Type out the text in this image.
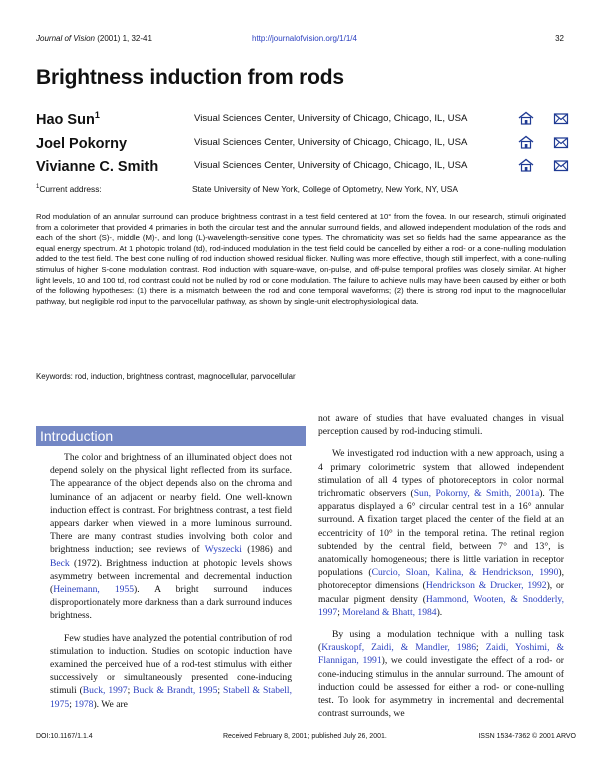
Journal of Vision (2001) 1, 32-41	http://journalofvision.org/1/1/4	32
Brightness induction from rods
Hao Sun$^1$	Visual Sciences Center, University of Chicago, Chicago, IL, USA
Joel Pokorny	Visual Sciences Center, University of Chicago, Chicago, IL, USA
Vivianne C. Smith	Visual Sciences Center, University of Chicago, Chicago, IL, USA
$^1$Current address:	State University of New York, College of Optometry, New York, NY, USA

Rod modulation of an annular surround can produce brightness contrast in a test field centered at 10° from the fovea. In our research, stimuli originated from a colorimeter that provided 4 primaries in both the circular test and the annular surround fields, and allowed independent modulation of the rods and each of the short (S)-, middle (M)-, and long (L)-wavelength-sensitive cone types. The chromaticity was set so fields had the same appearance as the equal energy spectrum. At 1 photopic troland (td), rod-induced modulation in the test field could be cancelled by either a rod- or a cone-nulling modulation added to the test field. The best cone nulling of rod induction showed residual flicker. Nulling was more effective, though still imperfect, with a cone-nulling stimulus of higher S-cone modulation contrast. Rod induction with square-wave, on-pulse, and off-pulse temporal profiles was closely similar. At higher light levels, 10 and 100 td, rod contrast could not be nulled by rod or cone modulation. The failure to achieve nulls may have been caused by either or both of the following hypotheses: (1) there is a mismatch between the rod and cone temporal waveforms; (2) there is strong rod input to the magnocellular pathway, but negligible rod input to the parvocellular pathway, as shown by single-unit electrophysiological data.

Keywords: rod, induction, brightness contrast, magnocellular, parvocellular
Introduction

The color and brightness of an illuminated object does not depend solely on the physical light reflected from its surface. The appearance of the object depends also on the chroma and luminance of an adjacent or nearby field. One well-known induction effect is contrast. For brightness contrast, a test field appears darker when viewed in a more luminous surround. There are many contrast studies involving both color and brightness induction; see reviews of Wyszecki (1986) and Beck (1972). Brightness induction at photopic levels shows asymmetry between incremental and decremental induction (Heinemann, 1955). A bright surround induces disproportionately more darkness than a dark surround induces brightness.

Few studies have analyzed the potential contribution of rod stimulation to induction. Studies on scotopic induction have examined the perceived hue of a rod-test stimulus with either successively or simultaneously presented cone-inducing stimuli (Buck, 1997; Buck & Brandt, 1995; Stabell & Stabell, 1975; 1978). We are

not aware of studies that have evaluated changes in visual perception caused by rod-inducing stimuli.

We investigated rod induction with a new approach, using a 4 primary colorimetric system that allowed independent stimulation of all 4 types of photoreceptors in color normal trichromatic observers (Sun, Pokorny, & Smith, 2001a). The apparatus displayed a 6° circular central test in a 16° annular surround. A fixation target placed the center of the field at an eccentricity of 10° in the temporal retina. The retinal region subtended by the central field, between 7° and 13°, is anatomically homogeneous; there is little variation in receptor populations (Curcio, Sloan, Kalina, & Hendrickson, 1990), photoreceptor dimensions (Hendrickson & Drucker, 1992), or macular pigment density (Hammond, Wooten, & Snodderly, 1997; Moreland & Bhatt, 1984).

By using a modulation technique with a nulling task (Krauskopf, Zaidi, & Mandler, 1986; Zaidi, Yoshimi, & Flannigan, 1991), we could investigate the effect of a rod- or cone-inducing stimulus in the annular surround. The amount of induction could be assessed for either a rod- or cone-nulling test. To look for asymmetry in incremental and decremental contrast surrounds, we

DOI:10.1167/1.1.4	Received February 8, 2001; published July 26, 2001.	ISSN 1534-7362 © 2001 ARVO
